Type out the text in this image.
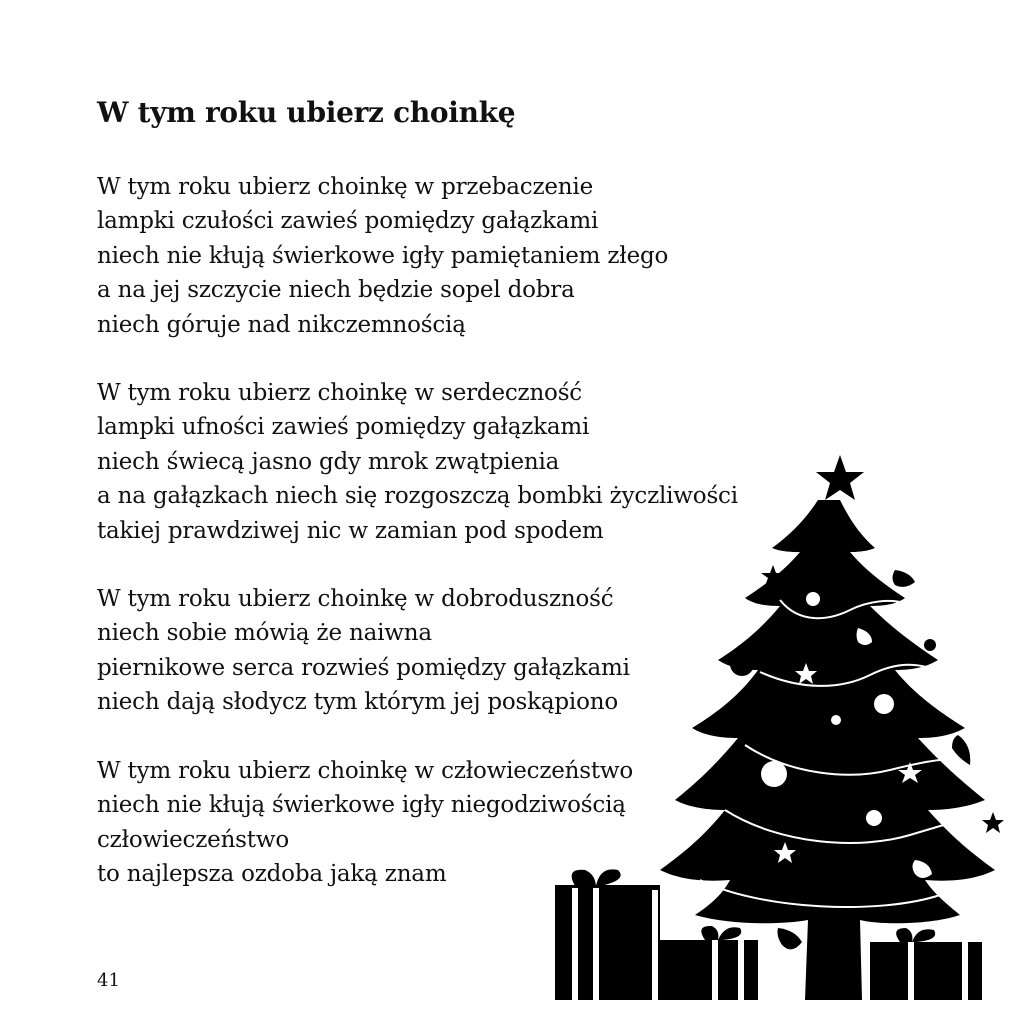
W tym roku ubierz choinkę

W tym roku ubierz choinkę w przebaczenie
lampki czułości zawieś pomiędzy gałązkami
niech nie kłują świerkowe igły pamiętaniem złego
a na jej szczycie niech będzie sopel dobra
niech góruje nad nikczemnością

W tym roku ubierz choinkę w serdeczność
lampki ufności zawieś pomiędzy gałązkami
niech świecą jasno gdy mrok zwątpienia
a na gałązkach niech się rozgoszczą bombki życzliwości
takiej prawdziwej nic w zamian pod spodem

W tym roku ubierz choinkę w dobroduszność
niech sobie mówią że naiwna
piernikowe serca rozwieś pomiędzy gałązkami
niech dają słodycz tym którym jej poskąpiono

W tym roku ubierz choinkę w człowieczeństwo
niech nie kłują świerkowe igły niegodziwością
człowieczeństwo
to najlepsza ozdoba jaką znam

41
